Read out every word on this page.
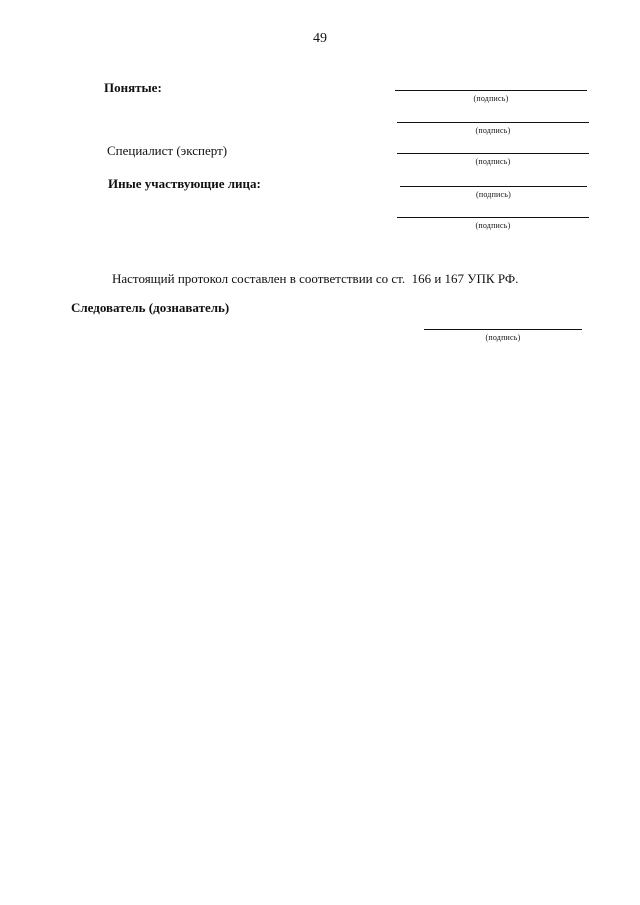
49
Понятые:
(подпись)
(подпись)
Специалист (эксперт)
(подпись)
Иные участвующие лица:
(подпись)
(подпись)
Настоящий протокол составлен в соответствии со ст.  166 и 167 УПК РФ.
Следователь (дознаватель)
(подпись)
